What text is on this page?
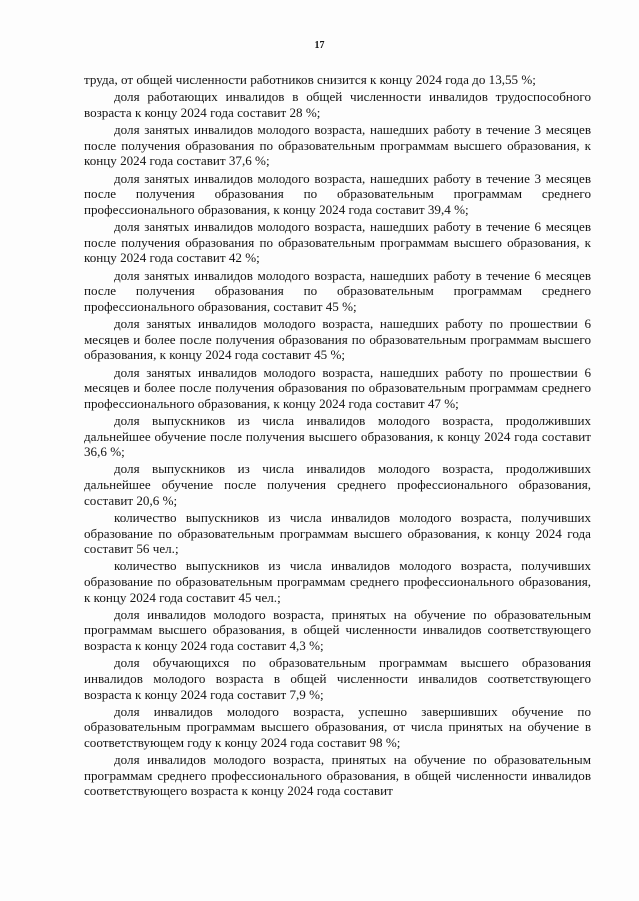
17

труда, от общей численности работников снизится к концу 2024 года до 13,55 %;

доля работающих инвалидов в общей численности инвалидов трудоспособного возраста к концу 2024 года составит 28 %;

доля занятых инвалидов молодого возраста, нашедших работу в течение 3 месяцев после получения образования по образовательным программам высшего образования, к концу 2024 года составит 37,6 %;

доля занятых инвалидов молодого возраста, нашедших работу в течение 3 месяцев после получения образования по образовательным программам среднего профессионального образования, к концу 2024 года составит 39,4 %;

доля занятых инвалидов молодого возраста, нашедших работу в течение 6 месяцев после получения образования по образовательным программам высшего образования, к концу 2024 года составит 42 %;

доля занятых инвалидов молодого возраста, нашедших работу в течение 6 месяцев после получения образования по образовательным программам среднего профессионального образования, составит 45 %;

доля занятых инвалидов молодого возраста, нашедших работу по прошествии 6 месяцев и более после получения образования по образовательным программам высшего образования, к концу 2024 года составит 45 %;

доля занятых инвалидов молодого возраста, нашедших работу по прошествии 6 месяцев и более после получения образования по образовательным программам среднего профессионального образования, к концу 2024 года составит 47 %;

доля выпускников из числа инвалидов молодого возраста, продолживших дальнейшее обучение после получения высшего образования, к концу 2024 года составит 36,6 %;

доля выпускников из числа инвалидов молодого возраста, продолживших дальнейшее обучение после получения среднего профессионального образования, составит 20,6 %;

количество выпускников из числа инвалидов молодого возраста, получивших образование по образовательным программам высшего образования, к концу 2024 года составит 56 чел.;

количество выпускников из числа инвалидов молодого возраста, получивших образование по образовательным программам среднего профессионального образования, к концу 2024 года составит 45 чел.;

доля инвалидов молодого возраста, принятых на обучение по образовательным программам высшего образования, в общей численности инвалидов соответствующего возраста к концу 2024 года составит 4,3 %;

доля обучающихся по образовательным программам высшего образования инвалидов молодого возраста в общей численности инвалидов соответствующего возраста к концу 2024 года составит 7,9 %;

доля инвалидов молодого возраста, успешно завершивших обучение по образовательным программам высшего образования, от числа принятых на обучение в соответствующем году к концу 2024 года составит 98 %;

доля инвалидов молодого возраста, принятых на обучение по образовательным программам среднего профессионального образования, в общей численности инвалидов соответствующего возраста к концу 2024 года составит
